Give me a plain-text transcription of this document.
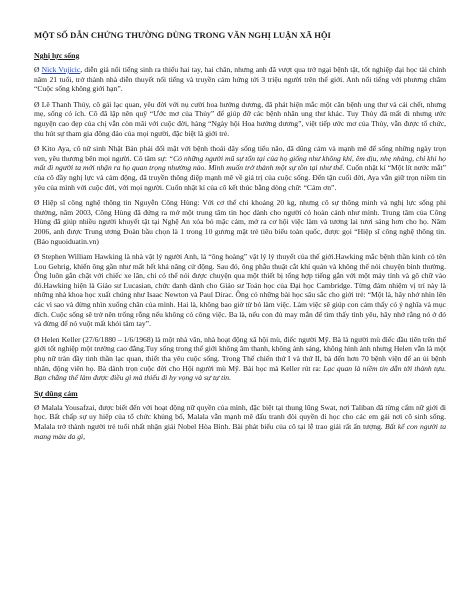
MỘT SỐ DẪN CHỨNG THƯỜNG DÙNG TRONG VĂN NGHỊ LUẬN XÃ HỘI
Nghị lực sống

Ø Nick Vujicic, diễn giả nổi tiếng sinh ra thiếu hai tay, hai chân, nhưng anh đã vượt qua trở ngại bệnh tật, tốt nghiệp đại học tài chính năm 21 tuổi, trở thành nhà diễn thuyết nổi tiếng và truyền cảm hứng tới 3 triệu người trên thế giới. Anh nổi tiếng với phương châm “Cuộc sống không giới hạn”.

Ø Lê Thanh Thúy, cô gái lạc quan, yêu đời với nụ cười hoa hướng dương, đã phát hiện mắc một căn bệnh ung thư và cái chết, nhưng mẹ, sống có ích. Cô đã lập nên quỹ “Ước mơ của Thủy” để giúp đỡ các bệnh nhân ung thư khác. Tuy Thủy đã mất đi nhưng ước nguyện cao đẹp của chị vẫn còn mãi với cuộc đời, hàng “Ngày hội Hoa hướng dương”, việt tiếp ước mơ của Thủy, vẫn được tổ chức, thu hút sự tham gia đông đảo của mọi người, đặc biệt là giới trẻ.

Ø Kito Aya, cô nữ sinh Nhật Bản phải đối mặt với bệnh thoái dây sống tiểu não, đã dũng cảm và mạnh mẽ để sống những ngày trọn ven, yêu thương bên mọi người. Cô tâm sự: “Có những người mũ sự tổn tại của họ giống như không khí, êm dịu, nhẹ nhàng, chỉ khi họ mất đi người ta mới nhận ra họ quan trọng nhường nào. Mình muốn trở thành một sự tồn tại như thế. Cuốn nhật kí “Một lít nước mắt” của cô đầy nghị lực và cảm động, đã truyền thông điệp mạnh mẽ về giá trị của cuộc sống. Đến tận cuối đời, Aya vẫn giữ trọn niềm tin yêu của mình với cuộc đời, với mọi người. Cuốn nhật kí của cô kết thúc bằng dòng chữ: “Cám ơn”.

Ø Hiệp sĩ công nghệ thông tin Nguyễn Công Hùng: Với cơ thể chỉ khoảng 20 kg, nhưng cô sự thông minh và nghị lực sống phi thường, năm 2003, Công Hùng đã đứng ra mở một trung tâm tin học dành cho người có hoàn cảnh như mình. Trung tâm của Công Hùng đã giúp nhiều người khuyết tật tại Nghệ An xóa bỏ mặc cảm, mở ra cơ hội việc làm và tương lai tươi sáng hơn cho họ. Năm 2006, anh được Trung ương Đoàn bầu chọn là 1 trong 10 gương mặt trẻ tiêu biểu toàn quốc, được gọi “Hiệp sĩ công nghệ thông tin. (Báo nguoiduatin.vn)

Ø Stephen William Hawking là nhà vật lý người Anh, là “ông hoàng” vật lý lý thuyết của thế giới.Hawking mắc bệnh thần kinh có tên Lou Gehrig, khiến ông gần như mất hết khả năng cử động. Sau đó, ông phẫu thuật cắt khí quản và không thể nói chuyện bình thường. Ông luôn gắn chặt với chiếc xe lăn, chỉ có thể nói được chuyện qua một thiết bị tổng hợp tiếng gắn với một máy tính và gõ chữ vào đó.Hawking hiện là Giáo sư Lucasian, chức danh dành cho Giáo sư Toán học của Đại học Cambridge. Từng đảm nhiệm vị trí này là những nhà khoa học xuất chúng như Isaac Newton và Paul Dirac. Ông có những bài học sâu sắc cho giới trẻ: “Một là, hãy nhớ nhìn lên các vì sao và đừng nhìn xuống chân của mình. Hai là, không bao giờ từ bỏ làm việc. Làm việc sẽ giúp con cảm thấy có ý nghĩa và mục đích. Cuộc sống sẽ trở nên trống rỗng nếu không có công việc. Ba là, nếu con đủ may mắn để tìm thấy tình yêu, hãy nhớ rằng nó ở đó và đừng để nó vuột mất khỏi tâm tay”.

Ø Helen Keller (27/6/1880 – 1/6/1968) là một nhà văn, nhà hoạt động xã hội mù, điếc người Mỹ. Bà là người mù điếc đầu tiên trên thế giới tốt nghiệp một trường cao đẳng.Tuy sống trong thế giới không âm thanh, không ánh sáng, không hình ảnh nhưng Helen vẫn là một phụ nữ tràn đầy tinh thần lạc quan, thiết tha yêu cuộc sống. Trong Thế chiến thứ I và thứ II, bà đến hơn 70 bệnh viện để an ủi bệnh nhân, động viên họ. Bà dành trọn cuộc đời cho Hội người mù Mỹ. Bài học mà Keller rút ra: Lạc quan là niềm tin dẫn tới thành tựu. Bạn chẳng thể làm được điều gì mà thiếu đi hy vọng và sự tự tin.

Sự dũng cảm

Ø Malala Yousafzai, được biết đến với hoạt động nữ quyền của mình, đặc biệt tại thung lũng Swat, nơi Taliban đã từng cấm nữ giới đi học. Bất chấp sự uy hiếp của tổ chức khủng bố, Malala vẫn mạnh mẽ đấu tranh đòi quyền đi học cho các em gái nơi cô sinh sống. Malala trở thành người trẻ tuổi nhất nhận giải Nobel Hòa Bình. Bài phát biểu của cô tại lễ trao giải rất ấn tượng. Bất kể con người ta mang màu da gì,
